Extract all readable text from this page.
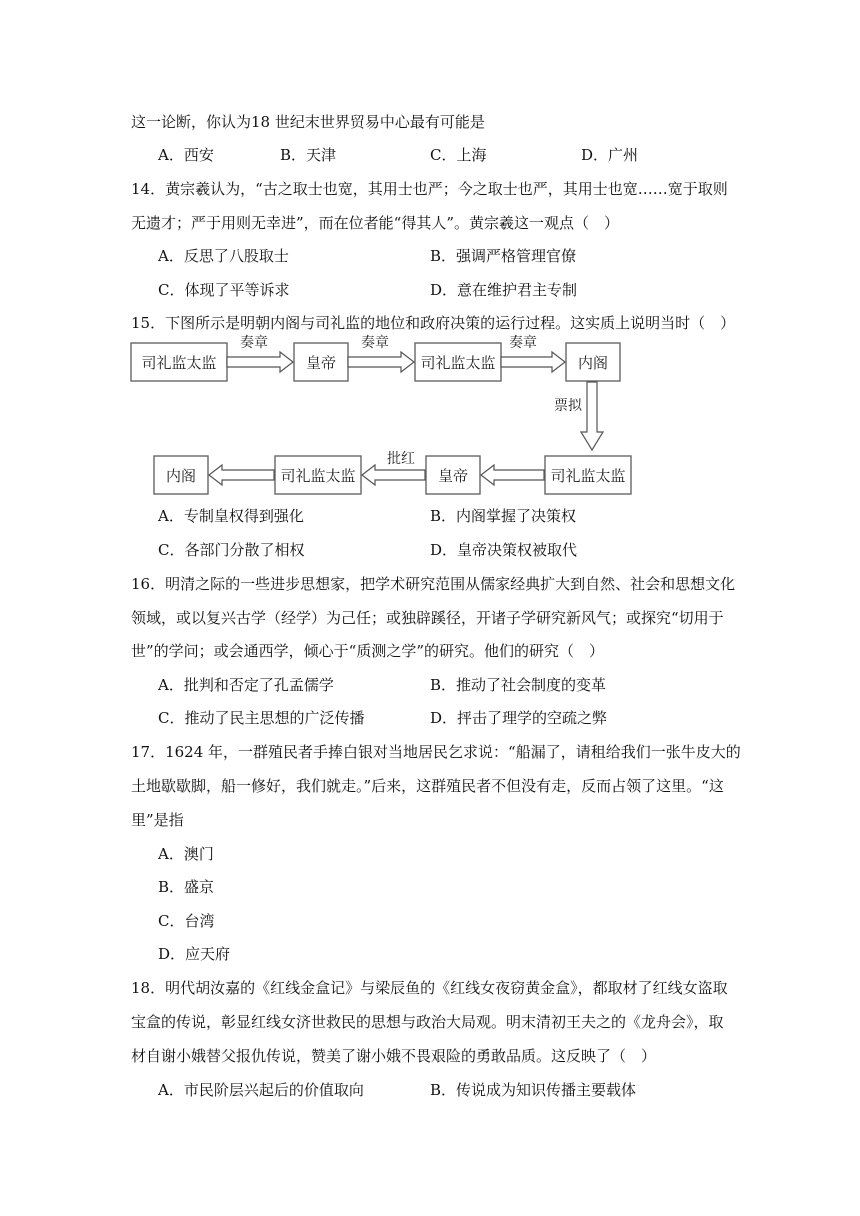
这一论断，你认为18 世纪末世界贸易中心最有可能是
A．西安	B．天津	C．上海	D．广州
14．黄宗羲认为，“古之取士也宽，其用士也严；今之取士也严，其用士也宽……宽于取则
无遗才；严于用则无幸进”，而在位者能“得其人”。黄宗羲这一观点（　）
A．反思了八股取士	B．强调严格管理官僚
C．体现了平等诉求	D．意在维护君主专制
15．下图所示是明朝内阁与司礼监的地位和政府决策的运行过程。这实质上说明当时（　）
司礼监太监	皇帝	司礼监太监	内阁
奏章	奏章	奏章
票拟
内阁	司礼监太监	皇帝	司礼监太监
批红
A．专制皇权得到强化	B．内阁掌握了决策权
C．各部门分散了相权	D．皇帝决策权被取代
16．明清之际的一些进步思想家，把学术研究范围从儒家经典扩大到自然、社会和思想文化
领域，或以复兴古学（经学）为己任；或独辟蹊径，开诸子学研究新风气；或探究“切用于
世”的学问；或会通西学，倾心于“质测之学”的研究。他们的研究（　）
A．批判和否定了孔孟儒学	B．推动了社会制度的变革
C．推动了民主思想的广泛传播	D．抨击了理学的空疏之弊
17．1624 年，一群殖民者手捧白银对当地居民乞求说：“船漏了，请租给我们一张牛皮大的
土地歇歇脚，船一修好，我们就走。”后来，这群殖民者不但没有走，反而占领了这里。“这
里”是指
A．澳门
B．盛京
C．台湾
D．应天府
18．明代胡汝嘉的《红线金盒记》与梁辰鱼的《红线女夜窃黄金盒》，都取材了红线女盗取
宝盒的传说，彰显红线女济世救民的思想与政治大局观。明末清初王夫之的《龙舟会》，取
材自谢小娥替父报仇传说，赞美了谢小娥不畏艰险的勇敢品质。这反映了（　）
A．市民阶层兴起后的价值取向	B．传说成为知识传播主要载体
